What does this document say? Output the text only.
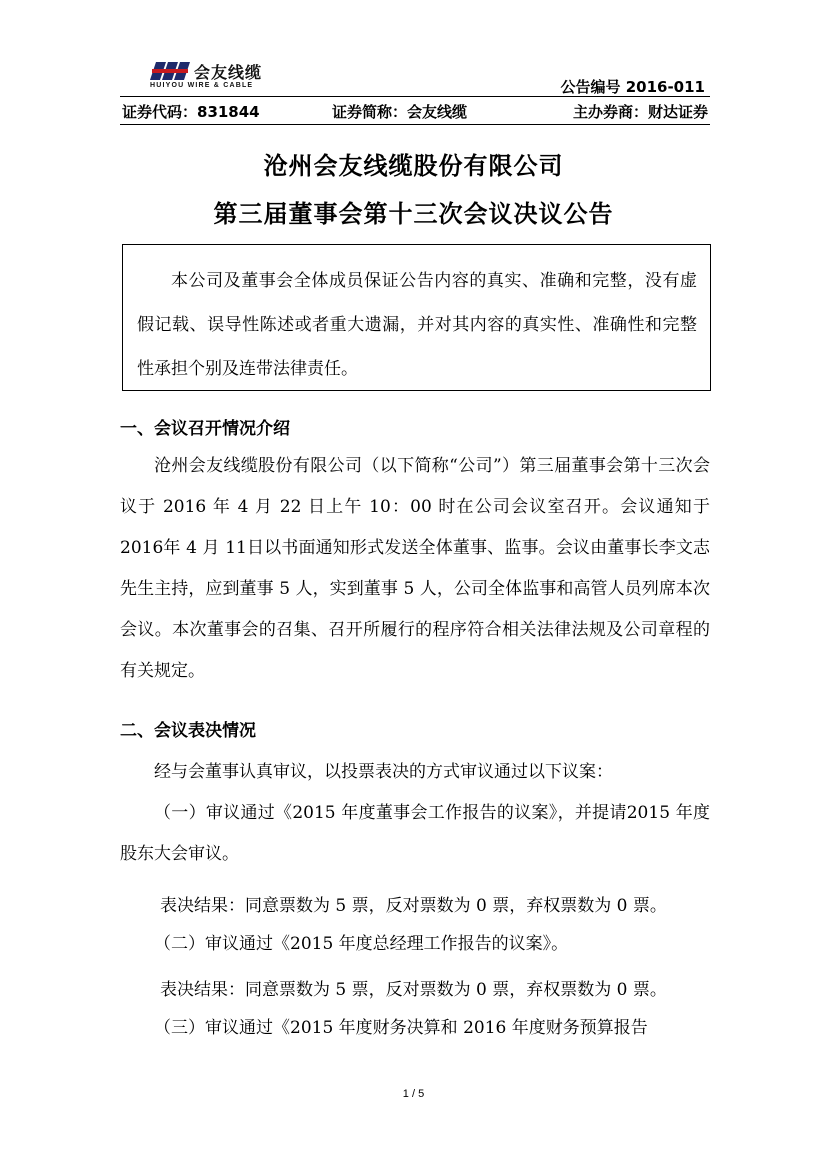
会友线缆
HUIYOU WIRE & CABLE	公告编号 2016-011
证券代码：831844	证券简称：会友线缆	主办券商：财达证券
沧州会友线缆股份有限公司
第三届董事会第十三次会议决议公告
本公司及董事会全体成员保证公告内容的真实、准确和完整，没有虚假记载、误导性陈述或者重大遗漏，并对其内容的真实性、准确性和完整性承担个别及连带法律责任。
一、会议召开情况介绍
沧州会友线缆股份有限公司（以下简称“公司”）第三届董事会第十三次会议于 2016 年 4 月 22 日上午 10：00 时在公司会议室召开。会议通知于2016年 4 月 11日以书面通知形式发送全体董事、监事。会议由董事长李文志先生主持，应到董事 5 人，实到董事 5 人，公司全体监事和高管人员列席本次会议。本次董事会的召集、召开所履行的程序符合相关法律法规及公司章程的有关规定。
二、会议表决情况
经与会董事认真审议，以投票表决的方式审议通过以下议案：
（一）审议通过《2015 年度董事会工作报告的议案》，并提请2015 年度股东大会审议。
表决结果：同意票数为 5 票，反对票数为 0 票，弃权票数为 0 票。
（二）审议通过《2015 年度总经理工作报告的议案》。
表决结果：同意票数为 5 票，反对票数为 0 票，弃权票数为 0 票。
（三）审议通过《2015 年度财务决算和 2016 年度财务预算报告
1 / 5
